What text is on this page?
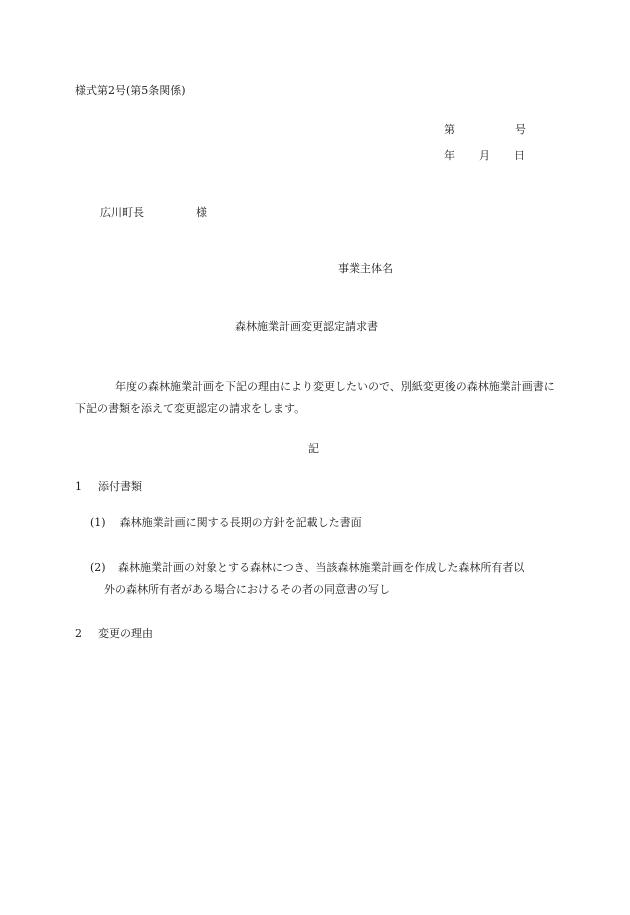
様式第2号(第5条関係)
第	号
年 月 日
広川町長	様
事業主体名
森林施業計画変更認定請求書
年度の森林施業計画を下記の理由により変更したいので、別紙変更後の森林施業計画書に下記の書類を添えて変更認定の請求をします。
記
1 添付書類
(1) 森林施業計画に関する長期の方針を記載した書面
(2) 森林施業計画の対象とする森林につき、当該森林施業計画を作成した森林所有者以
外の森林所有者がある場合におけるその者の同意書の写し
2 変更の理由
